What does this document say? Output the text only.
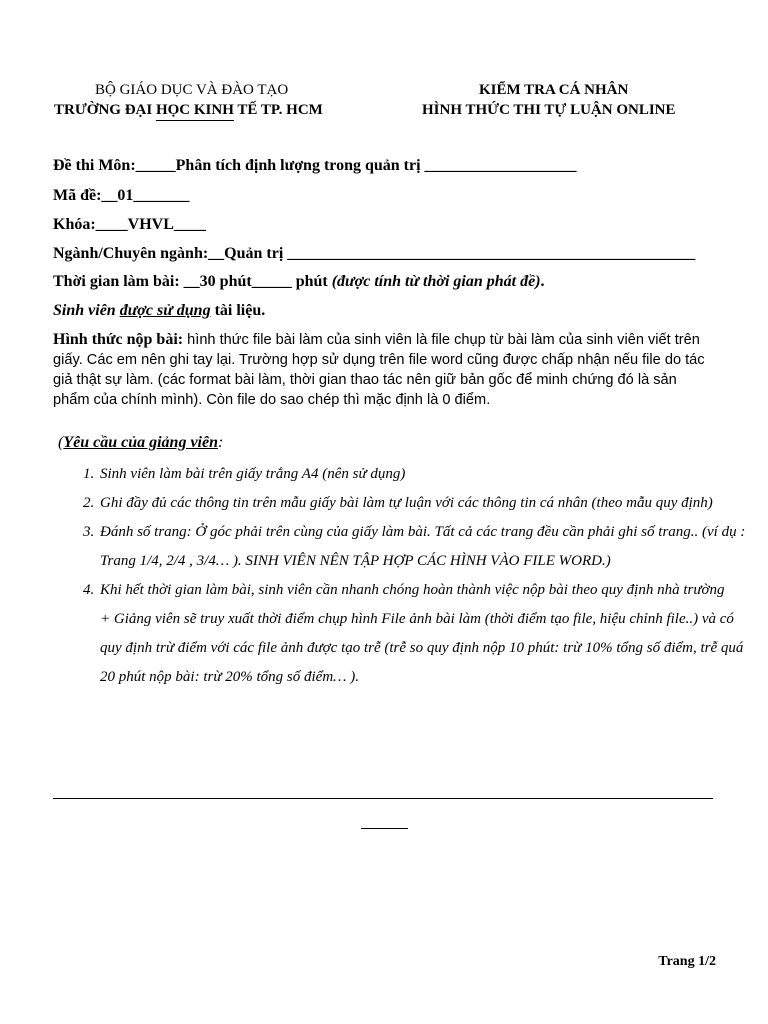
BỘ GIÁO DỤC VÀ ĐÀO TẠO
TRƯỜNG ĐẠI HỌC KINH TẾ TP. HCM
KIỂM TRA CÁ NHÂN
HÌNH THỨC THI TỰ LUẬN ONLINE
Đề thi Môn:_____Phân tích định lượng trong quản trị ___________________
Mã đề:__01_______
Khóa:____VHVL____
Ngành/Chuyên ngành:__Quản trị ___________________________________________________
Thời gian làm bài: __30 phút_____ phút (được tính từ thời gian phát đề).
Sinh viên được sử dụng tài liệu.
Hình thức nộp bài: hình thức file bài làm của sinh viên là file chụp từ bài làm của sinh viên viết trên giấy. Các em nên ghi tay lại. Trường hợp sử dụng trên file word cũng được chấp nhận nếu file do tác giả thật sự làm. (các format bài làm, thời gian thao tác nên giữ bản gốc để minh chứng đó là sản phẩm của chính mình). Còn file do sao chép thì mặc định là 0 điểm.
(Yêu cầu của giảng viên:
1. Sinh viên làm bài trên giấy trắng A4 (nên sử dụng)
2. Ghi đầy đủ các thông tin trên mẫu giấy bài làm tự luận với các thông tin cá nhân (theo mẫu quy định)
3. Đánh số trang: Ở góc phải trên cùng của giấy làm bài. Tất cả các trang đều cần phải ghi số trang.. (ví dụ : Trang 1/4, 2/4 , 3/4… ). SINH VIÊN NÊN TẬP HỢP CÁC HÌNH VÀO FILE WORD.)
4. Khi hết thời gian làm bài, sinh viên cần nhanh chóng hoàn thành việc nộp bài theo quy định nhà trường
+ Giảng viên sẽ truy xuất thời điểm chụp hình File ảnh bài làm (thời điểm tạo file, hiệu chỉnh file..) và có quy định trừ điểm với các file ảnh được tạo trễ (trễ so quy định nộp 10 phút: trừ 10% tổng số điểm, trễ quá 20 phút nộp bài: trừ 20% tổng số điểm… ).
Trang 1/2
